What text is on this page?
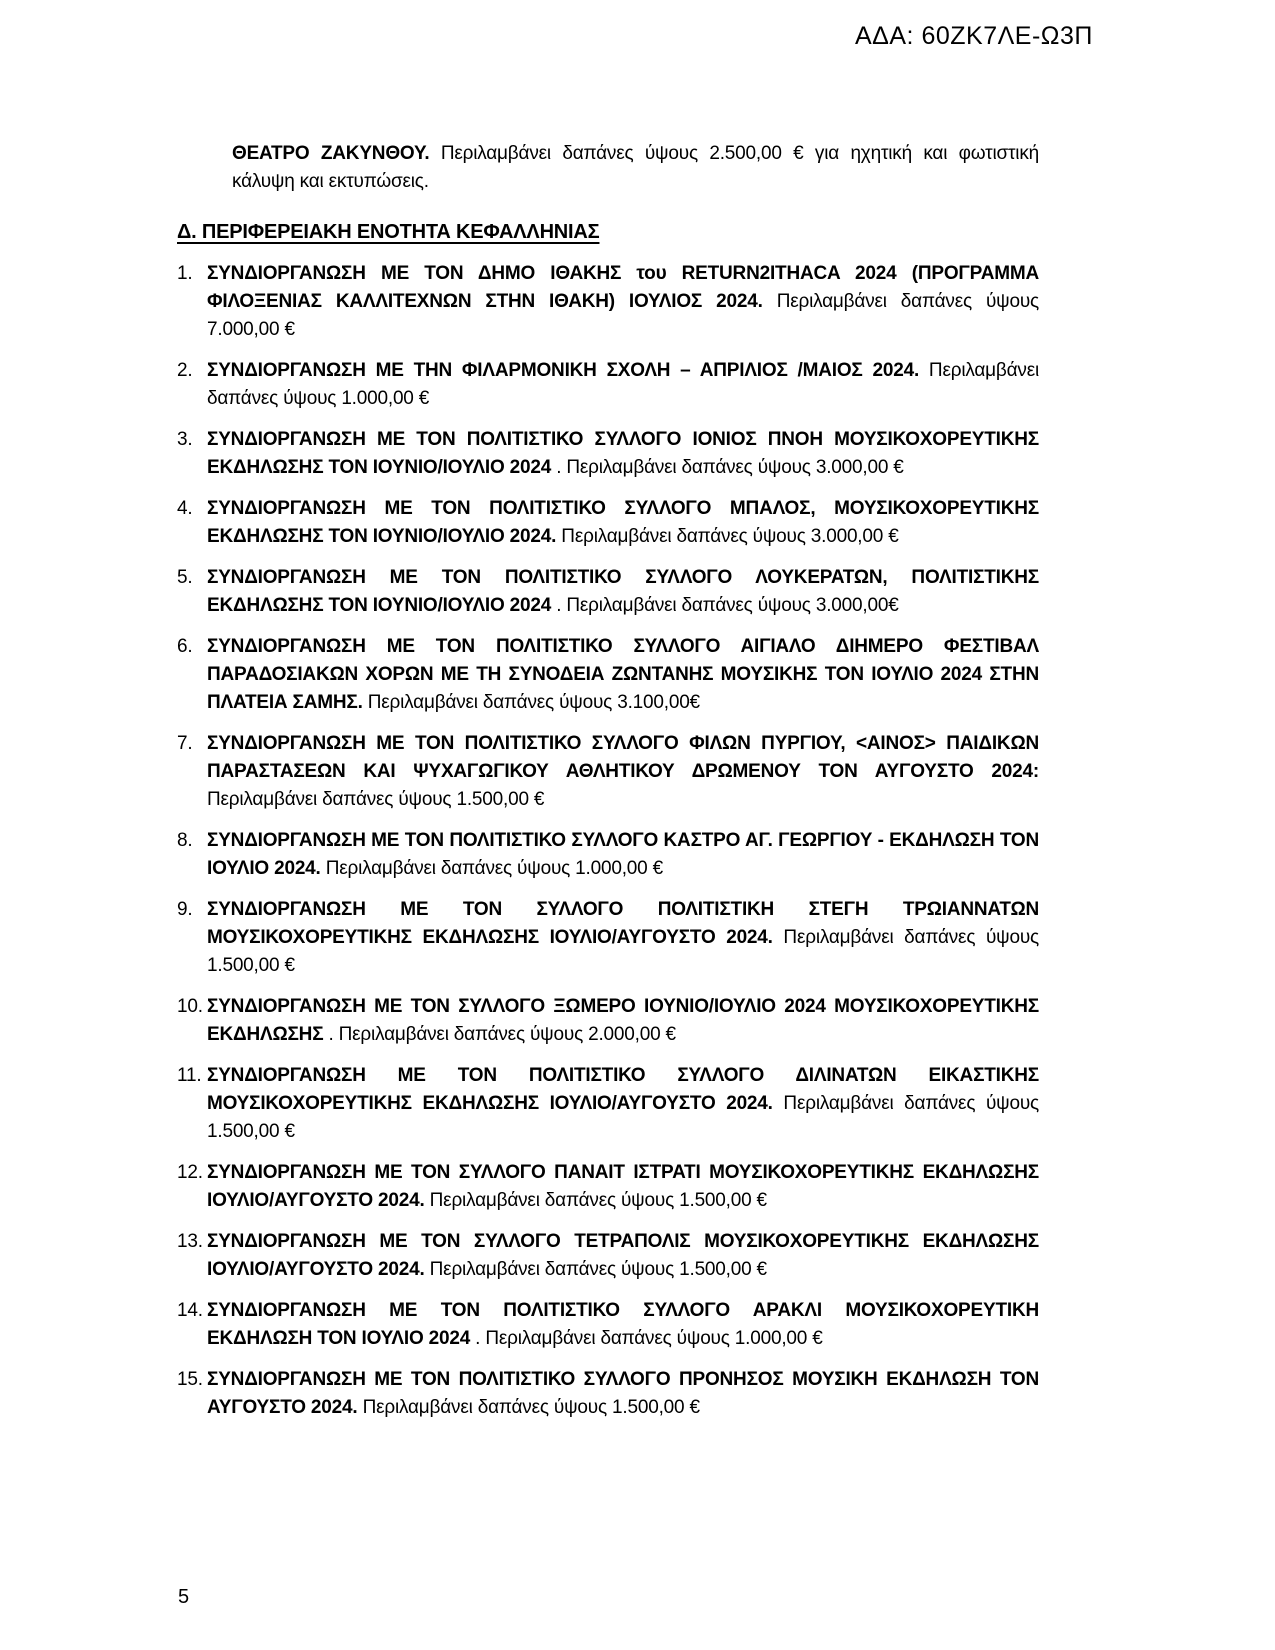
ΑΔΑ: 60ΖΚ7ΛΕ-Ω3Π

ΘΕΑΤΡΟ ΖΑΚΥΝΘΟΥ. Περιλαμβάνει δαπάνες ύψους 2.500,00 € για ηχητική και φωτιστική κάλυψη και εκτυπώσεις.

Δ. ΠΕΡΙΦΕΡΕΙΑΚΗ ΕΝΟΤΗΤΑ ΚΕΦΑΛΛΗΝΙΑΣ

1. ΣΥΝΔΙΟΡΓΑΝΩΣΗ ΜΕ ΤΟΝ ΔΗΜΟ ΙΘΑΚΗΣ του RETURN2ITHACA 2024 (ΠΡΟΓΡΑΜΜΑ ΦΙΛΟΞΕΝΙΑΣ ΚΑΛΛΙΤΕΧΝΩΝ ΣΤΗΝ ΙΘΑΚΗ) ΙΟΥΛΙΟΣ 2024. Περιλαμβάνει δαπάνες ύψους 7.000,00 €

2. ΣΥΝΔΙΟΡΓΑΝΩΣΗ ΜΕ ΤΗΝ ΦΙΛΑΡΜΟΝΙΚΗ ΣΧΟΛΗ – ΑΠΡΙΛΙΟΣ /ΜΑΙΟΣ 2024. Περιλαμβάνει δαπάνες ύψους 1.000,00 €

3. ΣΥΝΔΙΟΡΓΑΝΩΣΗ ΜΕ ΤΟΝ ΠΟΛΙΤΙΣΤΙΚΟ ΣΥΛΛΟΓΟ ΙΟΝΙΟΣ ΠΝΟΗ ΜΟΥΣΙΚΟΧΟΡΕΥΤΙΚΗΣ ΕΚΔΗΛΩΣΗΣ ΤΟΝ ΙΟΥΝΙΟ/ΙΟΥΛΙΟ 2024 . Περιλαμβάνει δαπάνες ύψους 3.000,00 €

4. ΣΥΝΔΙΟΡΓΑΝΩΣΗ ΜΕ ΤΟΝ ΠΟΛΙΤΙΣΤΙΚΟ ΣΥΛΛΟΓΟ ΜΠΑΛΟΣ, ΜΟΥΣΙΚΟΧΟΡΕΥΤΙΚΗΣ ΕΚΔΗΛΩΣΗΣ ΤΟΝ ΙΟΥΝΙΟ/ΙΟΥΛΙΟ 2024. Περιλαμβάνει δαπάνες ύψους 3.000,00 €

5. ΣΥΝΔΙΟΡΓΑΝΩΣΗ ΜΕ ΤΟΝ ΠΟΛΙΤΙΣΤΙΚΟ ΣΥΛΛΟΓΟ ΛΟΥΚΕΡΑΤΩΝ, ΠΟΛΙΤΙΣΤΙΚΗΣ ΕΚΔΗΛΩΣΗΣ ΤΟΝ ΙΟΥΝΙΟ/ΙΟΥΛΙΟ 2024 . Περιλαμβάνει δαπάνες ύψους 3.000,00€

6. ΣΥΝΔΙΟΡΓΑΝΩΣΗ ΜΕ ΤΟΝ ΠΟΛΙΤΙΣΤΙΚΟ ΣΥΛΛΟΓΟ ΑΙΓΙΑΛΟ ΔΙΗΜΕΡΟ ΦΕΣΤΙΒΑΛ ΠΑΡΑΔΟΣΙΑΚΩΝ ΧΟΡΩΝ ΜΕ ΤΗ ΣΥΝΟΔΕΙΑ ΖΩΝΤΑΝΗΣ ΜΟΥΣΙΚΗΣ ΤΟΝ ΙΟΥΛΙΟ 2024 ΣΤΗΝ ΠΛΑΤΕΙΑ ΣΑΜΗΣ. Περιλαμβάνει δαπάνες ύψους 3.100,00€

7. ΣΥΝΔΙΟΡΓΑΝΩΣΗ ΜΕ ΤΟΝ ΠΟΛΙΤΙΣΤΙΚΟ ΣΥΛΛΟΓΟ ΦΙΛΩΝ ΠΥΡΓΙΟΥ, <ΑΙΝΟΣ> ΠΑΙΔΙΚΩΝ ΠΑΡΑΣΤΑΣΕΩΝ ΚΑΙ ΨΥΧΑΓΩΓΙΚΟΥ ΑΘΛΗΤΙΚΟΥ ΔΡΩΜΕΝΟΥ ΤΟΝ ΑΥΓΟΥΣΤΟ 2024: Περιλαμβάνει δαπάνες ύψους 1.500,00 €

8. ΣΥΝΔΙΟΡΓΑΝΩΣΗ ΜΕ ΤΟΝ ΠΟΛΙΤΙΣΤΙΚΟ ΣΥΛΛΟΓΟ ΚΑΣΤΡΟ ΑΓ. ΓΕΩΡΓΙΟΥ - ΕΚΔΗΛΩΣΗ ΤΟΝ ΙΟΥΛΙΟ 2024. Περιλαμβάνει δαπάνες ύψους 1.000,00 €

9. ΣΥΝΔΙΟΡΓΑΝΩΣΗ ΜΕ ΤΟΝ ΣΥΛΛΟΓΟ ΠΟΛΙΤΙΣΤΙΚΗ ΣΤΕΓΗ ΤΡΩΙΑΝΝΑΤΩΝ ΜΟΥΣΙΚΟΧΟΡΕΥΤΙΚΗΣ ΕΚΔΗΛΩΣΗΣ ΙΟΥΛΙΟ/ΑΥΓΟΥΣΤΟ 2024. Περιλαμβάνει δαπάνες ύψους 1.500,00 €

10. ΣΥΝΔΙΟΡΓΑΝΩΣΗ ΜΕ ΤΟΝ ΣΥΛΛΟΓΟ ΞΩΜΕΡΟ ΙΟΥΝΙΟ/ΙΟΥΛΙΟ 2024 ΜΟΥΣΙΚΟΧΟΡΕΥΤΙΚΗΣ ΕΚΔΗΛΩΣΗΣ . Περιλαμβάνει δαπάνες ύψους 2.000,00 €

11. ΣΥΝΔΙΟΡΓΑΝΩΣΗ ΜΕ ΤΟΝ ΠΟΛΙΤΙΣΤΙΚΟ ΣΥΛΛΟΓΟ ΔΙΛΙΝΑΤΩΝ ΕΙΚΑΣΤΙΚΗΣ ΜΟΥΣΙΚΟΧΟΡΕΥΤΙΚΗΣ ΕΚΔΗΛΩΣΗΣ ΙΟΥΛΙΟ/ΑΥΓΟΥΣΤΟ 2024. Περιλαμβάνει δαπάνες ύψους 1.500,00 €

12. ΣΥΝΔΙΟΡΓΑΝΩΣΗ ΜΕ ΤΟΝ ΣΥΛΛΟΓΟ ΠΑΝΑΙΤ ΙΣΤΡΑΤΙ ΜΟΥΣΙΚΟΧΟΡΕΥΤΙΚΗΣ ΕΚΔΗΛΩΣΗΣ ΙΟΥΛΙΟ/ΑΥΓΟΥΣΤΟ 2024. Περιλαμβάνει δαπάνες ύψους 1.500,00 €

13. ΣΥΝΔΙΟΡΓΑΝΩΣΗ ΜΕ ΤΟΝ ΣΥΛΛΟΓΟ ΤΕΤΡΑΠΟΛΙΣ ΜΟΥΣΙΚΟΧΟΡΕΥΤΙΚΗΣ ΕΚΔΗΛΩΣΗΣ ΙΟΥΛΙΟ/ΑΥΓΟΥΣΤΟ 2024. Περιλαμβάνει δαπάνες ύψους 1.500,00 €

14. ΣΥΝΔΙΟΡΓΑΝΩΣΗ ΜΕ ΤΟΝ ΠΟΛΙΤΙΣΤΙΚΟ ΣΥΛΛΟΓΟ ΑΡΑΚΛΙ ΜΟΥΣΙΚΟΧΟΡΕΥΤΙΚΗ ΕΚΔΗΛΩΣΗ ΤΟΝ ΙΟΥΛΙΟ 2024 . Περιλαμβάνει δαπάνες ύψους 1.000,00 €

15. ΣΥΝΔΙΟΡΓΑΝΩΣΗ ΜΕ ΤΟΝ ΠΟΛΙΤΙΣΤΙΚΟ ΣΥΛΛΟΓΟ ΠΡΟΝΗΣΟΣ ΜΟΥΣΙΚΗ ΕΚΔΗΛΩΣΗ ΤΟΝ ΑΥΓΟΥΣΤΟ 2024. Περιλαμβάνει δαπάνες ύψους 1.500,00 €

5
